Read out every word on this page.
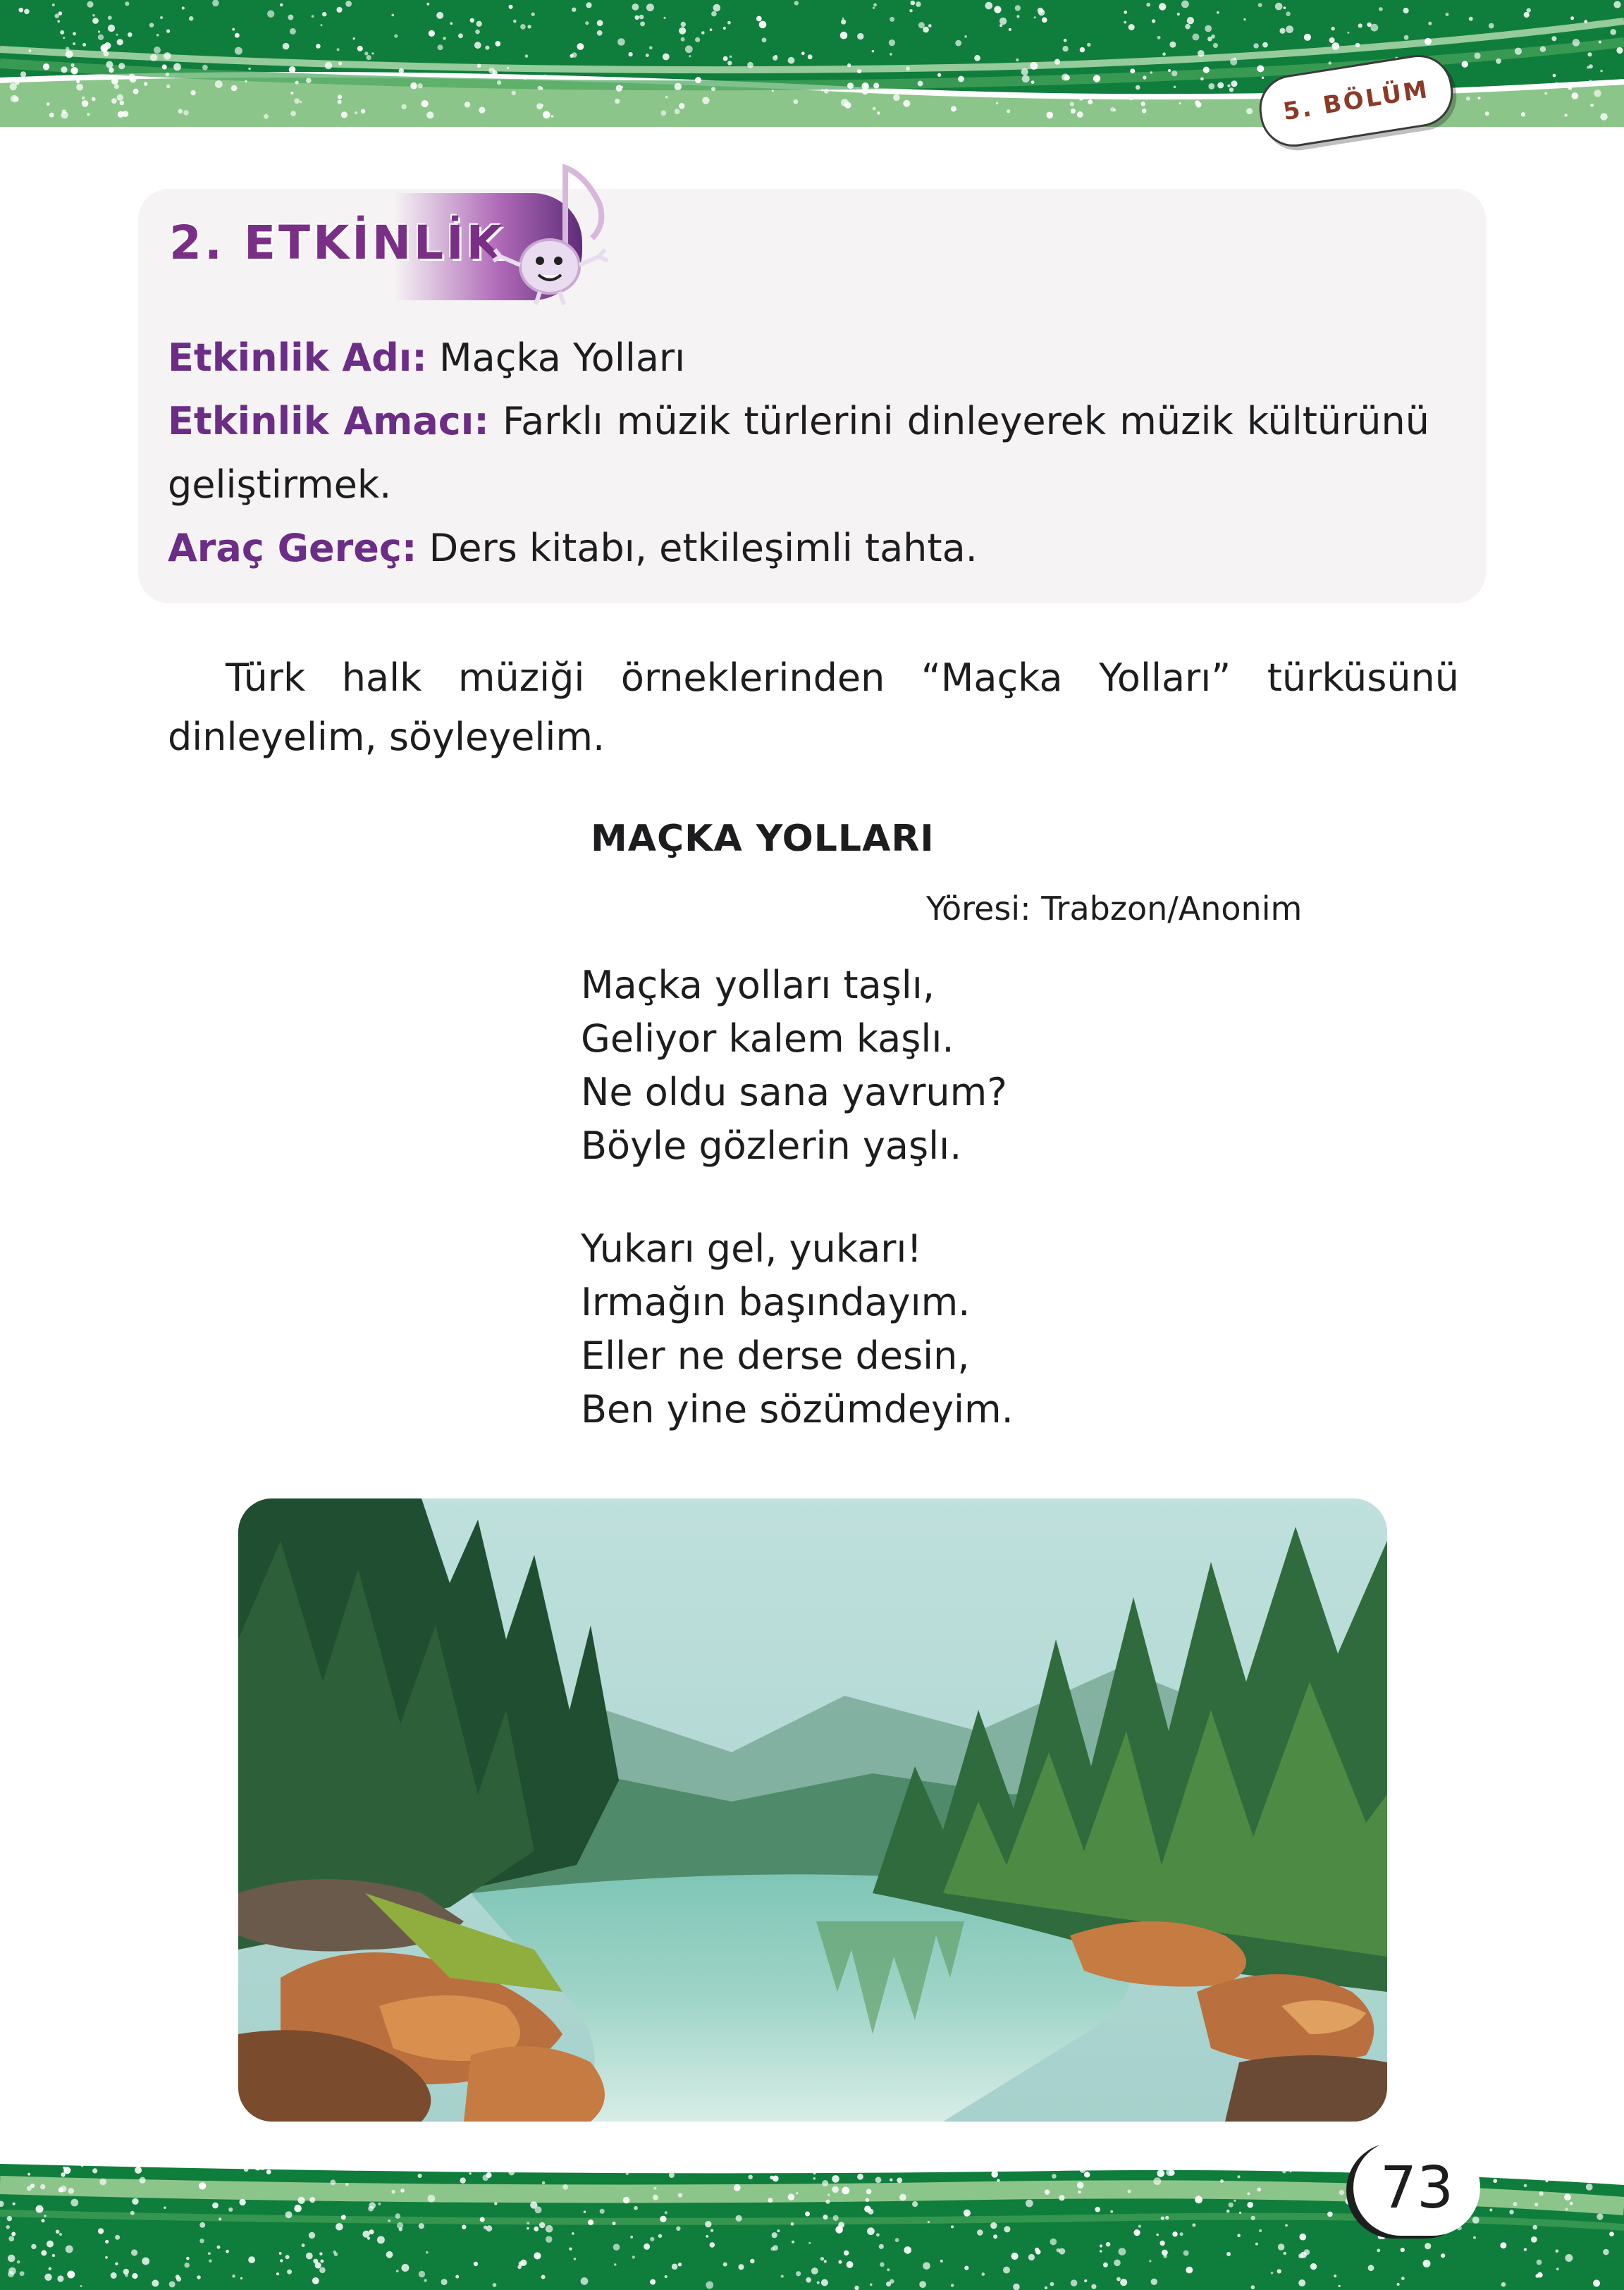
5. BÖLÜM
2. ETKİNLİK
Etkinlik Adı: Maçka Yolları
Etkinlik Amacı: Farklı müzik türlerini dinleyerek müzik kültürünü
geliştirmek.
Araç Gereç: Ders kitabı, etkileşimli tahta.

Türk halk müziği örneklerinden “Maçka Yolları” türküsünü dinleyelim, söyleyelim.

MAÇKA YOLLARI
Yöresi: Trabzon/Anonim
Maçka yolları taşlı,
Geliyor kalem kaşlı.
Ne oldu sana yavrum?
Böyle gözlerin yaşlı.
Yukarı gel, yukarı!
Irmağın başındayım.
Eller ne derse desin,
Ben yine sözümdeyim.
73
